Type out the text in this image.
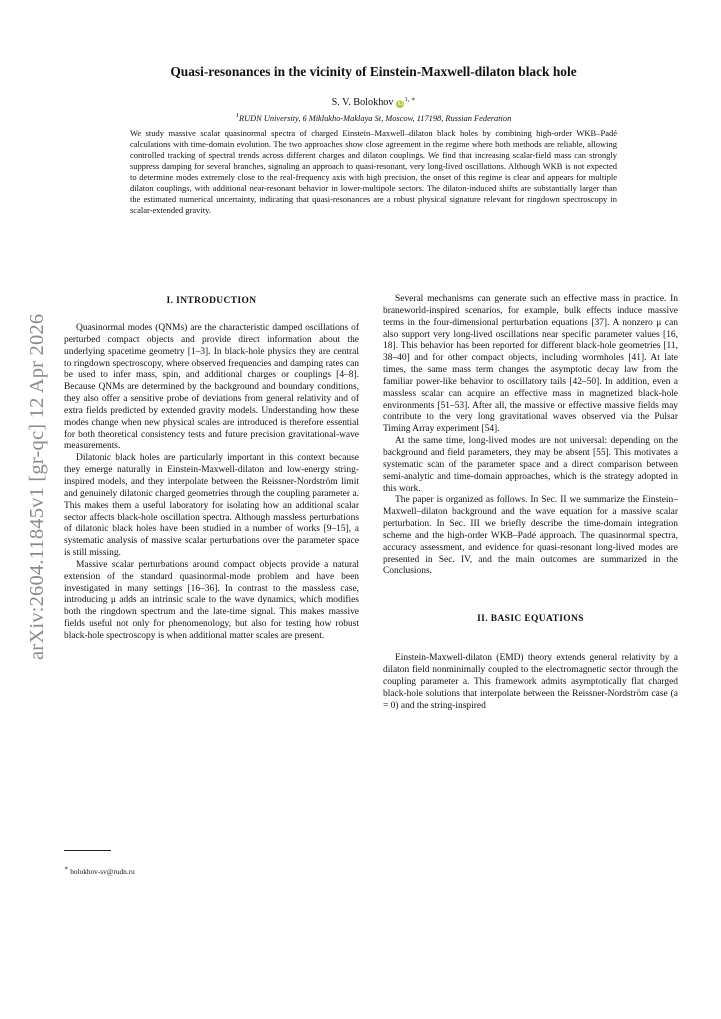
arXiv:2604.11845v1 [gr-qc] 12 Apr 2026
Quasi-resonances in the vicinity of Einstein-Maxwell-dilaton black hole
S. V. Bolokhov $iD^{1, ∗}$
$^1$RUDN University, 6 Miklukho-Maklaya St, Moscow, 117198, Russian Federation
We study massive scalar quasinormal spectra of charged Einstein–Maxwell–dilaton black holes by combining high-order WKB–Padé calculations with time-domain evolution. The two approaches show close agreement in the regime where both methods are reliable, allowing controlled tracking of spectral trends across different charges and dilaton couplings. We find that increasing scalar-field mass can strongly suppress damping for several branches, signaling an approach to quasi-resonant, very long-lived oscillations. Although WKB is not expected to determine modes extremely close to the real-frequency axis with high precision, the onset of this regime is clear and appears for multiple dilaton couplings, with additional near-resonant behavior in lower-multipole sectors. The dilaton-induced shifts are substantially larger than the estimated numerical uncertainty, indicating that quasi-resonances are a robust physical signature relevant for ringdown spectroscopy in scalar-extended gravity.
I. INTRODUCTION

Quasinormal modes (QNMs) are the characteristic damped oscillations of perturbed compact objects and provide direct information about the underlying spacetime geometry [1–3]. In black-hole physics they are central to ringdown spectroscopy, where observed frequencies and damping rates can be used to infer mass, spin, and additional charges or couplings [4–8]. Because QNMs are determined by the background and boundary conditions, they also offer a sensitive probe of deviations from general relativity and of extra fields predicted by extended gravity models. Understanding how these modes change when new physical scales are introduced is therefore essential for both theoretical consistency tests and future precision gravitational-wave measurements.

Dilatonic black holes are particularly important in this context because they emerge naturally in Einstein-Maxwell-dilaton and low-energy string-inspired models, and they interpolate between the Reissner-Nordström limit and genuinely dilatonic charged geometries through the coupling parameter a. This makes them a useful laboratory for isolating how an additional scalar sector affects black-hole oscillation spectra. Although massless perturbations of dilatonic black holes have been studied in a number of works [9–15], a systematic analysis of massive scalar perturbations over the parameter space is still missing.

Massive scalar perturbations around compact objects provide a natural extension of the standard quasinormal-mode problem and have been investigated in many settings [16–36]. In contrast to the massless case, introducing μ adds an intrinsic scale to the wave dynamics, which modifies both the ringdown spectrum and the late-time signal. This makes massive fields useful not only for phenomenology, but also for testing how robust black-hole spectroscopy is when additional matter scales are present.

Several mechanisms can generate such an effective mass in practice. In braneworld-inspired scenarios, for example, bulk effects induce massive terms in the four-dimensional perturbation equations [37]. A nonzero μ can also support very long-lived oscillations near specific parameter values [16, 18]. This behavior has been reported for different black-hole geometries [11, 38–40] and for other compact objects, including wormholes [41]. At late times, the same mass term changes the asymptotic decay law from the familiar power-like behavior to oscillatory tails [42–50]. In addition, even a massless scalar can acquire an effective mass in magnetized black-hole environments [51–53]. After all, the massive or effective massive fields may contribute to the very long gravitational waves observed via the Pulsar Timing Array experiment [54].

At the same time, long-lived modes are not universal: depending on the background and field parameters, they may be absent [55]. This motivates a systematic scan of the parameter space and a direct comparison between semi-analytic and time-domain approaches, which is the strategy adopted in this work.

The paper is organized as follows. In Sec. II we summarize the Einstein–Maxwell–dilaton background and the wave equation for a massive scalar perturbation. In Sec. III we briefly describe the time-domain integration scheme and the high-order WKB–Padé approach. The quasinormal spectra, accuracy assessment, and evidence for quasi-resonant long-lived modes are presented in Sec. IV, and the main outcomes are summarized in the Conclusions.

II. BASIC EQUATIONS

Einstein-Maxwell-dilaton (EMD) theory extends general relativity by a dilaton field nonminimally coupled to the electromagnetic sector through the coupling parameter a. This framework admits asymptotically flat charged black-hole solutions that interpolate between the Reissner-Nordström case (a = 0) and the string-inspired

∗ bolokhov-sv@rudn.ru
